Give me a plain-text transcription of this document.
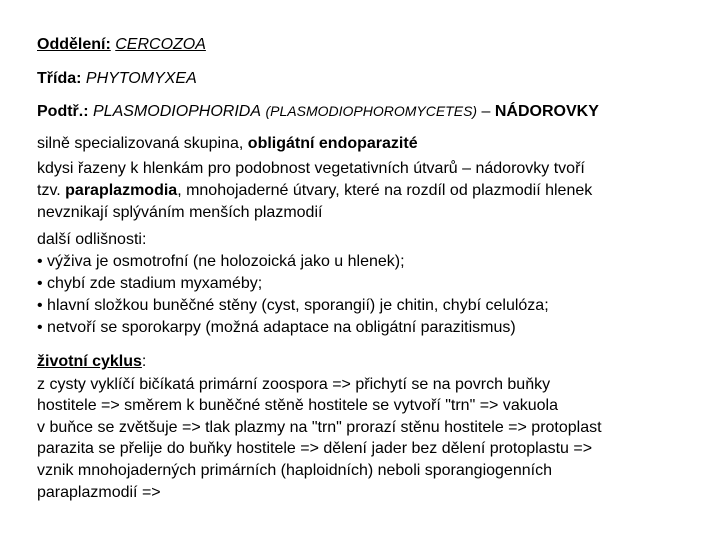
Oddělení: CERCOZOA
Třída: PHYTOMYXEA
Podtř.: PLASMODIOPHORIDA (PLASMODIOPHOROMYCETES) – NÁDOROVKY
silně specializovaná skupina, obligátní endoparazité
kdysi řazeny k hlenkám pro podobnost vegetativních útvarů – nádorovky tvoří
tzv. paraplazmodia, mnohojaderné útvary, které na rozdíl od plazmodií hlenek
nevznikají splýváním menších plazmodií
další odlišnosti:
• výživa je osmotrofní (ne holozoická jako u hlenek);
• chybí zde stadium myxaméby;
• hlavní složkou buněčné stěny (cyst, sporangií) je chitin, chybí celulóza;
• netvoří se sporokarpy (možná adaptace na obligátní parazitismus)
životní cyklus:
z cysty vyklíčí bičíkatá primární zoospora => přichytí se na povrch buňky
hostitele => směrem k buněčné stěně hostitele se vytvoří "trn" => vakuola
v buňce se zvětšuje => tlak plazmy na "trn" prorazí stěnu hostitele => protoplast
parazita se přelije do buňky hostitele => dělení jader bez dělení protoplastu =>
vznik mnohojaderných primárních (haploidních) neboli sporangiogenních
paraplazmodií =>
